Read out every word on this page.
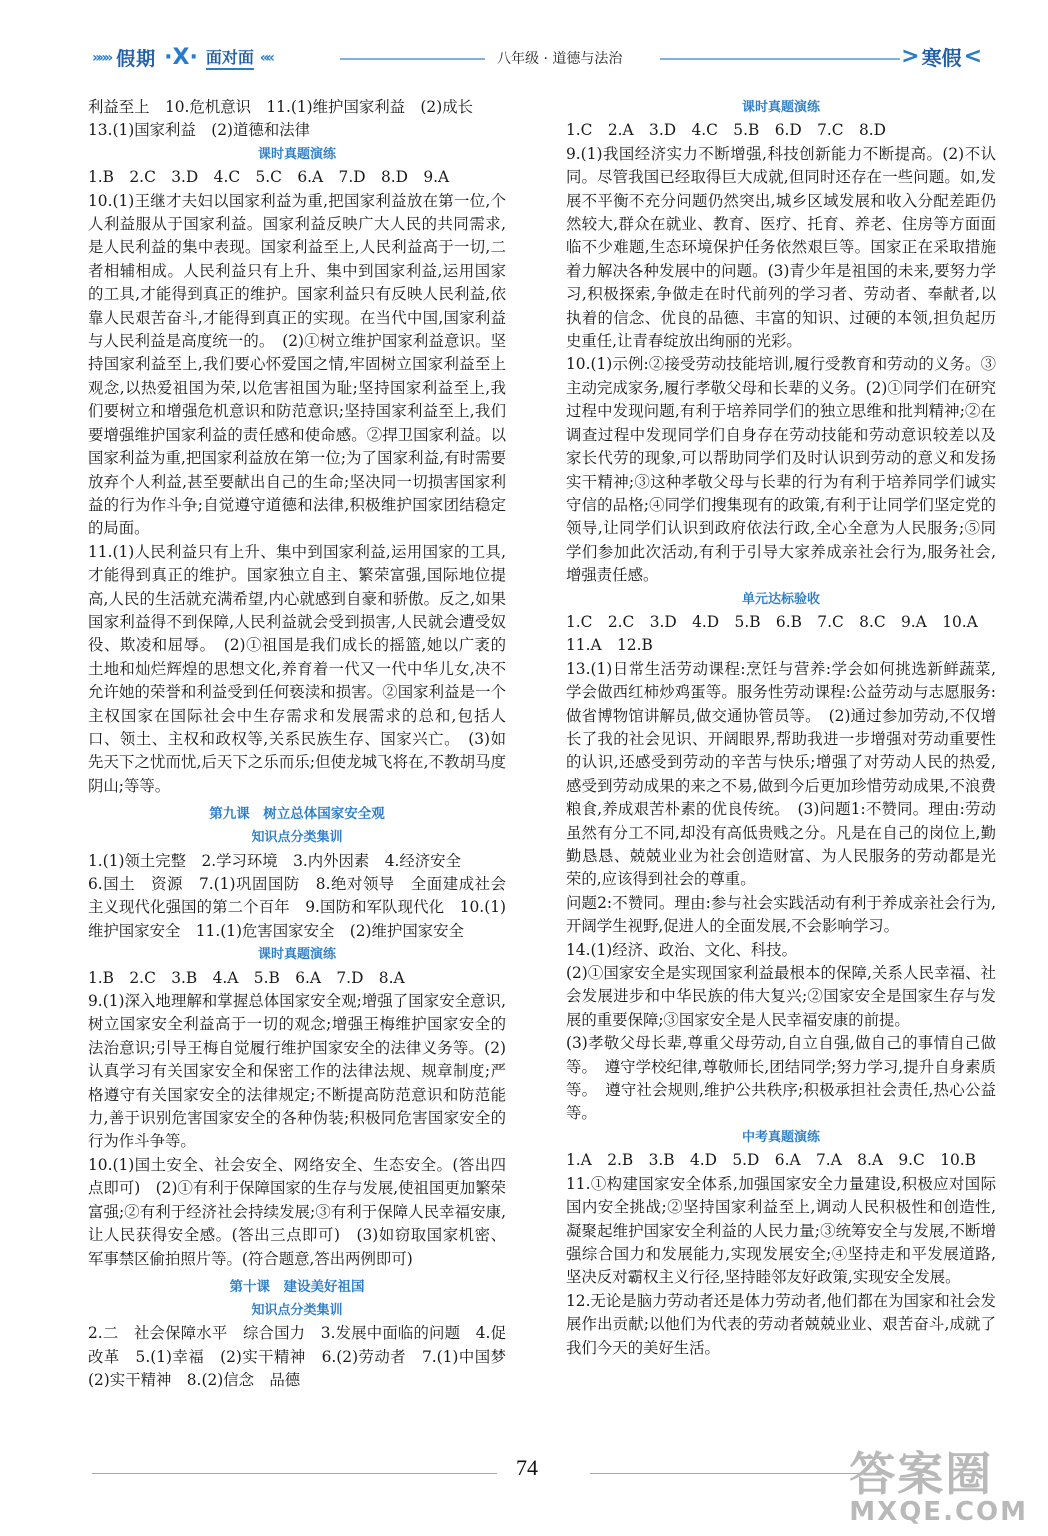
»»» 假期 ·X· 面对面 ««	八年级 · 道德与法治	> 寒假 <
利益至上　10.危机意识　11.(1)维护国家利益　(2)成长
13.(1)国家利益　(2)道德和法律
课时真题演练
1.B　2.C　3.D　4.C　5.C　6.A　7.D　8.D　9.A
10.(1)王继才夫妇以国家利益为重,把国家利益放在第一位,个人利益服从于国家利益。国家利益反映广大人民的共同需求,是人民利益的集中表现。国家利益至上,人民利益高于一切,二者相辅相成。人民利益只有上升、集中到国家利益,运用国家的工具,才能得到真正的维护。国家利益只有反映人民利益,依靠人民艰苦奋斗,才能得到真正的实现。在当代中国,国家利益与人民利益是高度统一的。　(2)①树立维护国家利益意识。坚持国家利益至上,我们要心怀爱国之情,牢固树立国家利益至上观念,以热爱祖国为荣,以危害祖国为耻;坚持国家利益至上,我们要树立和增强危机意识和防范意识;坚持国家利益至上,我们要增强维护国家利益的责任感和使命感。②捍卫国家利益。以国家利益为重,把国家利益放在第一位;为了国家利益,有时需要放弃个人利益,甚至要献出自己的生命;坚决同一切损害国家利益的行为作斗争;自觉遵守道德和法律,积极维护国家团结稳定的局面。
11.(1)人民利益只有上升、集中到国家利益,运用国家的工具,才能得到真正的维护。国家独立自主、繁荣富强,国际地位提高,人民的生活就充满希望,内心就感到自豪和骄傲。反之,如果国家利益得不到保障,人民利益就会受到损害,人民就会遭受奴役、欺凌和屈辱。　(2)①祖国是我们成长的摇篮,她以广袤的土地和灿烂辉煌的思想文化,养育着一代又一代中华儿女,决不允许她的荣誉和利益受到任何亵渎和损害。②国家利益是一个主权国家在国际社会中生存需求和发展需求的总和,包括人口、领土、主权和政权等,关系民族生存、国家兴亡。　(3)如先天下之忧而忧,后天下之乐而乐;但使龙城飞将在,不教胡马度阴山;等等。
第九课　树立总体国家安全观
知识点分类集训
1.(1)领土完整　2.学习环境　3.内外因素　4.经济安全
6.国土　资源　7.(1)巩固国防　8.绝对领导　全面建成社会主义现代化强国的第二个百年　9.国防和军队现代化　10.(1)维护国家安全　11.(1)危害国家安全　(2)维护国家安全
课时真题演练
1.B　2.C　3.B　4.A　5.B　6.A　7.D　8.A
9.(1)深入地理解和掌握总体国家安全观;增强了国家安全意识,树立国家安全利益高于一切的观念;增强王梅维护国家安全的法治意识;引导王梅自觉履行维护国家安全的法律义务等。(2)认真学习有关国家安全和保密工作的法律法规、规章制度;严格遵守有关国家安全的法律规定;不断提高防范意识和防范能力,善于识别危害国家安全的各种伪装;积极同危害国家安全的行为作斗争等。
10.(1)国土安全、社会安全、网络安全、生态安全。(答出四点即可)　(2)①有利于保障国家的生存与发展,使祖国更加繁荣富强;②有利于经济社会持续发展;③有利于保障人民幸福安康,让人民获得安全感。(答出三点即可)　(3)如窃取国家机密、军事禁区偷拍照片等。(符合题意,答出两例即可)
第十课　建设美好祖国
知识点分类集训
2.二　社会保障水平　综合国力　3.发展中面临的问题　4.促改革　5.(1)幸福　(2)实干精神　6.(2)劳动者　7.(1)中国梦　(2)实干精神　8.(2)信念　品德
课时真题演练
1.C　2.A　3.D　4.C　5.B　6.D　7.C　8.D
9.(1)我国经济实力不断增强,科技创新能力不断提高。(2)不认同。尽管我国已经取得巨大成就,但同时还存在一些问题。如,发展不平衡不充分问题仍然突出,城乡区域发展和收入分配差距仍然较大,群众在就业、教育、医疗、托育、养老、住房等方面面临不少难题,生态环境保护任务依然艰巨等。国家正在采取措施着力解决各种发展中的问题。(3)青少年是祖国的未来,要努力学习,积极探索,争做走在时代前列的学习者、劳动者、奉献者,以执着的信念、优良的品德、丰富的知识、过硬的本领,担负起历史重任,让青春绽放出绚丽的光彩。
10.(1)示例:②接受劳动技能培训,履行受教育和劳动的义务。③主动完成家务,履行孝敬父母和长辈的义务。(2)①同学们在研究过程中发现问题,有利于培养同学们的独立思维和批判精神;②在调查过程中发现同学们自身存在劳动技能和劳动意识较差以及家长代劳的现象,可以帮助同学们及时认识到劳动的意义和发扬实干精神;③这种孝敬父母与长辈的行为有利于培养同学们诚实守信的品格;④同学们搜集现有的政策,有利于让同学们坚定党的领导,让同学们认识到政府依法行政,全心全意为人民服务;⑤同学们参加此次活动,有利于引导大家养成亲社会行为,服务社会,增强责任感。
单元达标验收
1.C　2.C　3.D　4.D　5.B　6.B　7.C　8.C　9.A　10.A
11.A　12.B
13.(1)日常生活劳动课程:烹饪与营养:学会如何挑选新鲜蔬菜,学会做西红柿炒鸡蛋等。服务性劳动课程:公益劳动与志愿服务:做省博物馆讲解员,做交通协管员等。　(2)通过参加劳动,不仅增长了我的社会见识、开阔眼界,帮助我进一步增强对劳动重要性的认识,还感受到劳动的辛苦与快乐;增强了对劳动人民的热爱,感受到劳动成果的来之不易,做到今后更加珍惜劳动成果,不浪费粮食,养成艰苦朴素的优良传统。　(3)问题1:不赞同。理由:劳动虽然有分工不同,却没有高低贵贱之分。凡是在自己的岗位上,勤勤恳恳、兢兢业业为社会创造财富、为人民服务的劳动都是光荣的,应该得到社会的尊重。
问题2:不赞同。理由:参与社会实践活动有利于养成亲社会行为,开阔学生视野,促进人的全面发展,不会影响学习。
14.(1)经济、政治、文化、科技。
(2)①国家安全是实现国家利益最根本的保障,关系人民幸福、社会发展进步和中华民族的伟大复兴;②国家安全是国家生存与发展的重要保障;③国家安全是人民幸福安康的前提。
(3)孝敬父母长辈,尊重父母劳动,自立自强,做自己的事情自己做等。　遵守学校纪律,尊敬师长,团结同学;努力学习,提升自身素质等。　遵守社会规则,维护公共秩序;积极承担社会责任,热心公益等。
中考真题演练
1.A　2.B　3.B　4.D　5.D　6.A　7.A　8.A　9.C　10.B
11.①构建国家安全体系,加强国家安全力量建设,积极应对国际国内安全挑战;②坚持国家利益至上,调动人民积极性和创造性,凝聚起维护国家安全利益的人民力量;③统筹安全与发展,不断增强综合国力和发展能力,实现发展安全;④坚持走和平发展道路,坚决反对霸权主义行径,坚持睦邻友好政策,实现安全发展。
12.无论是脑力劳动者还是体力劳动者,他们都在为国家和社会发展作出贡献;以他们为代表的劳动者兢兢业业、艰苦奋斗,成就了我们今天的美好生活。
74	答案圈
MXQE.COM
